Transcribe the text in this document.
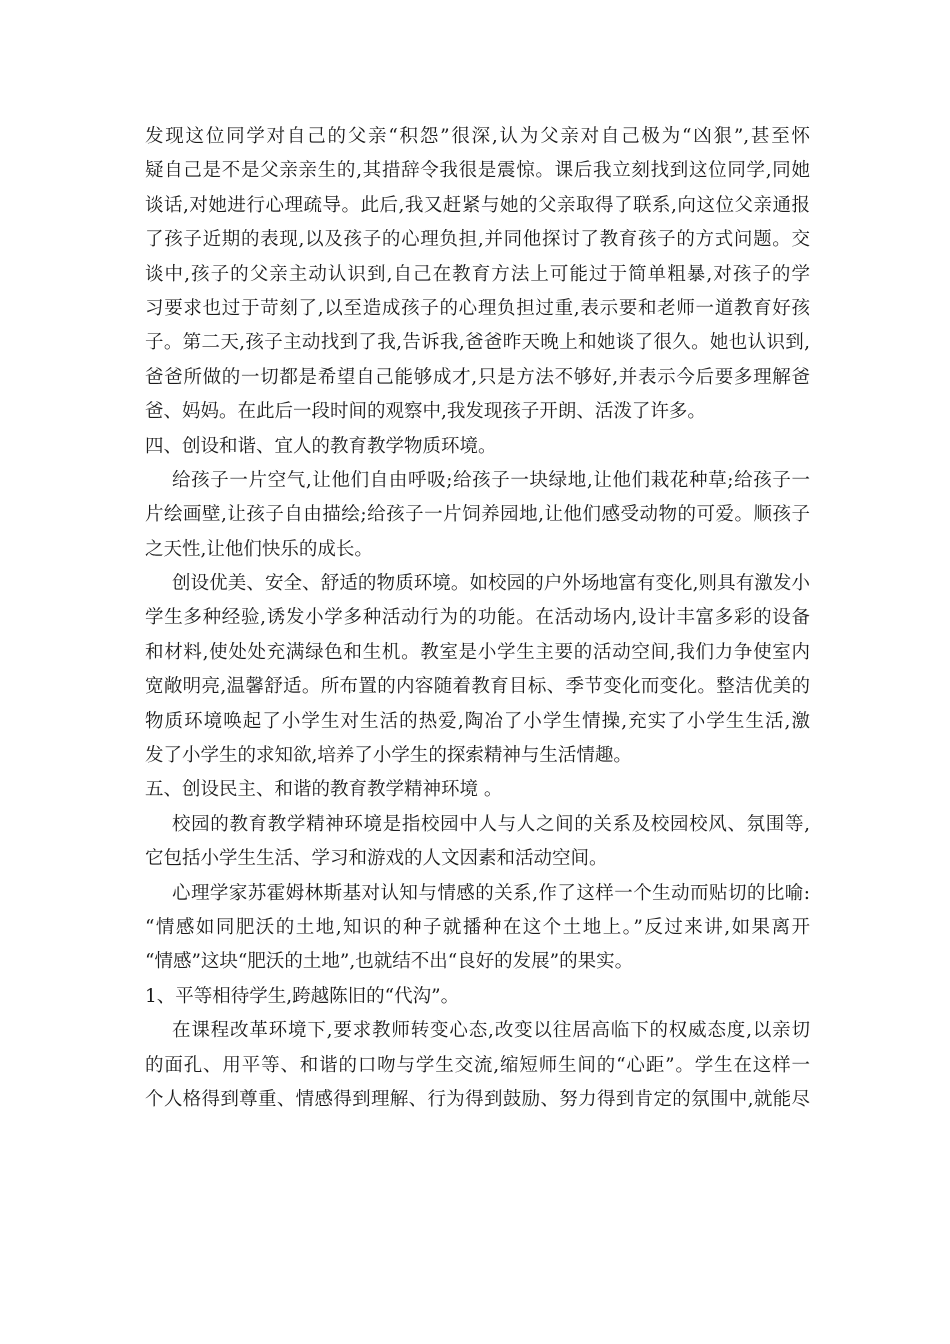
发现这位同学对自己的父亲“积怨”很深,认为父亲对自己极为“凶狠”,甚至怀
疑自己是不是父亲亲生的,其措辞令我很是震惊。课后我立刻找到这位同学,同她
谈话,对她进行心理疏导。此后,我又赶紧与她的父亲取得了联系,向这位父亲通报
了孩子近期的表现,以及孩子的心理负担,并同他探讨了教育孩子的方式问题。交
谈中,孩子的父亲主动认识到,自己在教育方法上可能过于简单粗暴,对孩子的学
习要求也过于苛刻了,以至造成孩子的心理负担过重,表示要和老师一道教育好孩
子。第二天,孩子主动找到了我,告诉我,爸爸昨天晚上和她谈了很久。她也认识到,
爸爸所做的一切都是希望自己能够成才,只是方法不够好,并表示今后要多理解爸
爸、妈妈。在此后一段时间的观察中,我发现孩子开朗、活泼了许多。
四、创设和谐、宜人的教育教学物质环境。
给孩子一片空气,让他们自由呼吸;给孩子一块绿地,让他们栽花种草;给孩子一
片绘画壁,让孩子自由描绘;给孩子一片饲养园地,让他们感受动物的可爱。顺孩子
之天性,让他们快乐的成长。
创设优美、安全、舒适的物质环境。如校园的户外场地富有变化,则具有激发小
学生多种经验,诱发小学多种活动行为的功能。在活动场内,设计丰富多彩的设备
和材料,使处处充满绿色和生机。教室是小学生主要的活动空间,我们力争使室内
宽敞明亮,温馨舒适。所布置的内容随着教育目标、季节变化而变化。整洁优美的
物质环境唤起了小学生对生活的热爱,陶冶了小学生情操,充实了小学生生活,激
发了小学生的求知欲,培养了小学生的探索精神与生活情趣。
五、创设民主、和谐的教育教学精神环境 。
校园的教育教学精神环境是指校园中人与人之间的关系及校园校风、氛围等,
它包括小学生生活、学习和游戏的人文因素和活动空间。
心理学家苏霍姆林斯基对认知与情感的关系,作了这样一个生动而贴切的比喻:
“情感如同肥沃的土地,知识的种子就播种在这个土地上。”反过来讲,如果离开
“情感”这块“肥沃的土地”,也就结不出“良好的发展”的果实。
1、平等相待学生,跨越陈旧的“代沟”。
在课程改革环境下,要求教师转变心态,改变以往居高临下的权威态度,以亲切
的面孔、用平等、和谐的口吻与学生交流,缩短师生间的“心距”。学生在这样一
个人格得到尊重、情感得到理解、行为得到鼓励、努力得到肯定的氛围中,就能尽
